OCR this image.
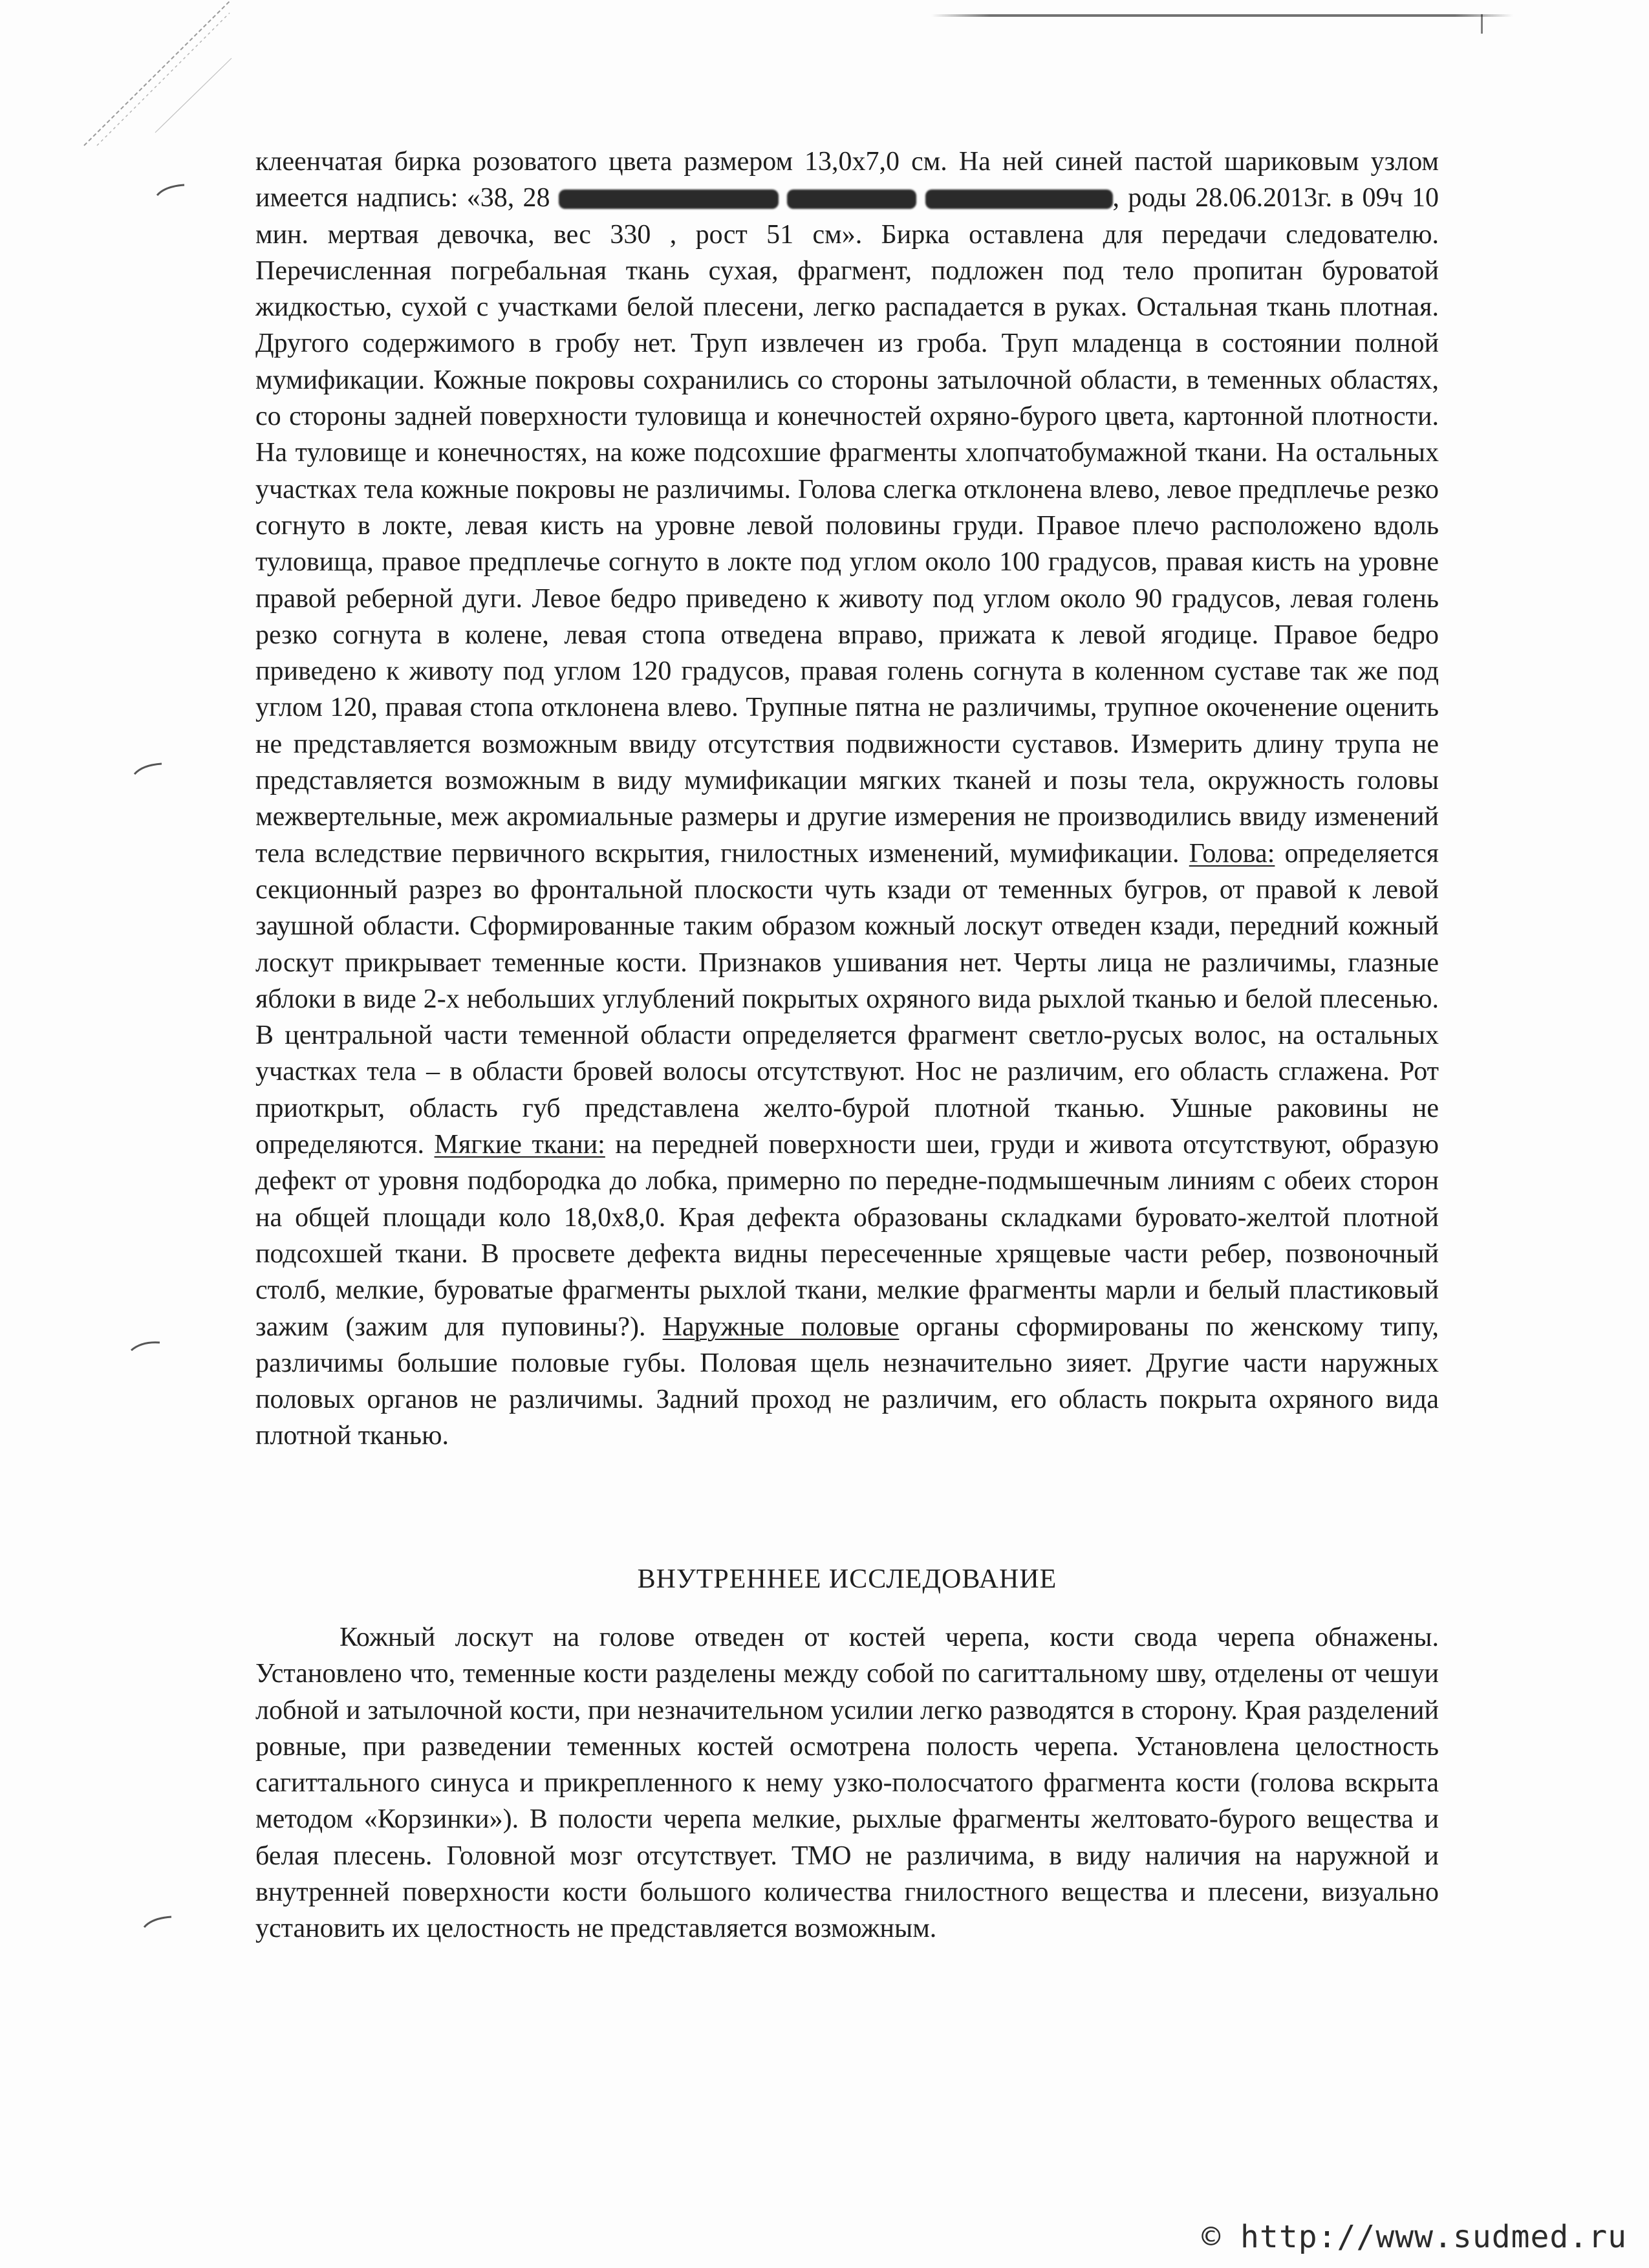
клеенчатая бирка розоватого цвета размером 13,0х7,0 см. На ней синей пастой шариковым узлом имеется надпись: «38, 28	, роды 28.06.2013г. в 09ч 10 мин. мертвая девочка, вес 330 , рост 51 см». Бирка оставлена для передачи следователю. Перечисленная погребальная ткань сухая, фрагмент, подложен под тело пропитан буроватой жидкостью, сухой с участками белой плесени, легко распадается в руках. Остальная ткань плотная. Другого содержимого в гробу нет. Труп извлечен из гроба. Труп младенца в состоянии полной мумификации. Кожные покровы сохранились со стороны затылочной области, в теменных областях, со стороны задней поверхности туловища и конечностей охряно-бурого цвета, картонной плотности. На туловище и конечностях, на коже подсохшие фрагменты хлопчатобумажной ткани. На остальных участках тела кожные покровы не различимы. Голова слегка отклонена влево, левое предплечье резко согнуто в локте, левая кисть на уровне левой половины груди. Правое плечо расположено вдоль туловища, правое предплечье согнуто в локте под углом около 100 градусов, правая кисть на уровне правой реберной дуги. Левое бедро приведено к животу под углом около 90 градусов, левая голень резко согнута в колене, левая стопа отведена вправо, прижата к левой ягодице. Правое бедро приведено к животу под углом 120 градусов, правая голень согнута в коленном суставе так же под углом 120, правая стопа отклонена влево. Трупные пятна не различимы, трупное окоченение оценить не представляется возможным ввиду отсутствия подвижности суставов. Измерить длину трупа не представляется возможным в виду мумификации мягких тканей и позы тела, окружность головы межвертельные, меж акромиальные размеры и другие измерения не производились ввиду изменений тела вследствие первичного вскрытия, гнилостных изменений, мумификации. Голова: определяется секционный разрез во фронтальной плоскости чуть кзади от теменных бугров, от правой к левой заушной области. Сформированные таким образом кожный лоскут отведен кзади, передний кожный лоскут прикрывает теменные кости. Признаков ушивания нет. Черты лица не различимы, глазные яблоки в виде 2-х небольших углублений покрытых охряного вида рыхлой тканью и белой плесенью. В центральной части теменной области определяется фрагмент светло-русых волос, на остальных участках тела – в области бровей волосы отсутствуют. Нос не различим, его область сглажена. Рот приоткрыт, область губ представлена желто-бурой плотной тканью. Ушные раковины не определяются. Мягкие ткани: на передней поверхности шеи, груди и живота отсутствуют, образую дефект от уровня подбородка до лобка, примерно по передне-подмышечным линиям с обеих сторон на общей площади коло 18,0х8,0. Края дефекта образованы складками буровато-желтой плотной подсохшей ткани. В просвете дефекта видны пересеченные хрящевые части ребер, позвоночный столб, мелкие, буроватые фрагменты рыхлой ткани, мелкие фрагменты марли и белый пластиковый зажим (зажим для пуповины?). Наружные половые органы сформированы по женскому типу, различимы большие половые губы. Половая щель незначительно зияет. Другие части наружных половых органов не различимы. Задний проход не различим, его область покрыта охряного вида плотной тканью.

ВНУТРЕННЕЕ ИССЛЕДОВАНИЕ

Кожный лоскут на голове отведен от костей черепа, кости свода черепа обнажены. Установлено что, теменные кости разделены между собой по сагиттальному шву, отделены от чешуи лобной и затылочной кости, при незначительном усилии легко разводятся в сторону. Края разделений ровные, при разведении теменных костей осмотрена полость черепа. Установлена целостность сагиттального синуса и прикрепленного к нему узко-полосчатого фрагмента кости (голова вскрыта методом «Корзинки»). В полости черепа мелкие, рыхлые фрагменты желтовато-бурого вещества и белая плесень. Головной мозг отсутствует. ТМО не различима, в виду наличия на наружной и внутренней поверхности кости большого количества гнилостного вещества и плесени, визуально установить их целостность не представляется возможным.

© http://www.sudmed.ru
